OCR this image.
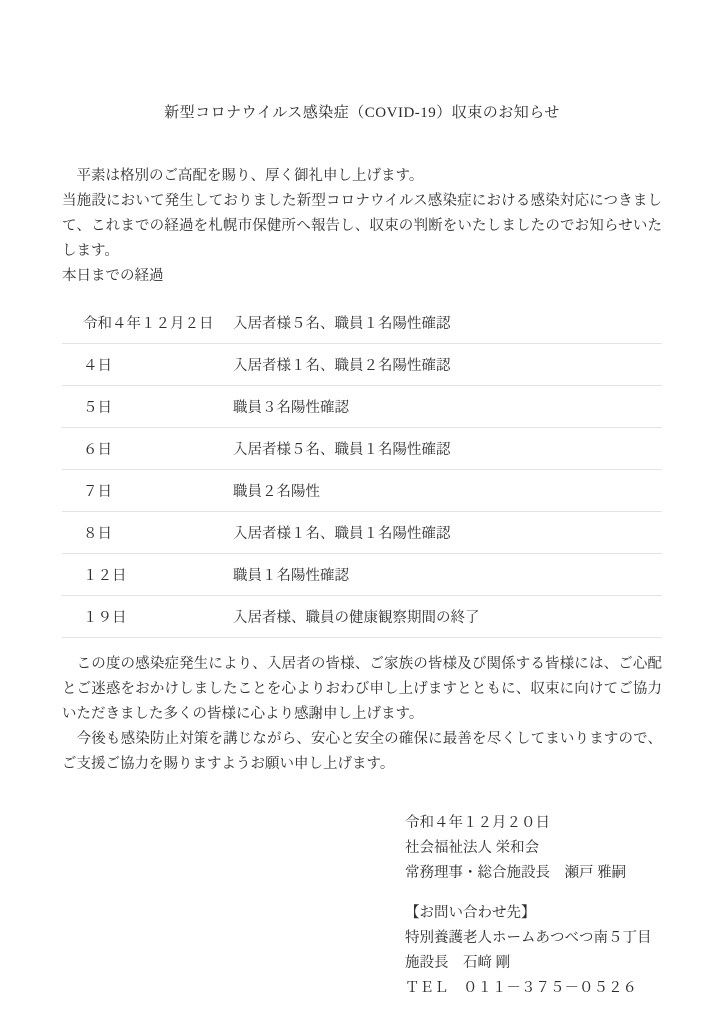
新型コロナウイルス感染症（COVID-19）収束のお知らせ

　平素は格別のご高配を賜り、厚く御礼申し上げます。

当施設において発生しておりました新型コロナウイルス感染症における感染対応につきまして、これまでの経過を札幌市保健所へ報告し、収束の判断をいたしましたのでお知らせいたします。

本日までの経過

令和４年１２月２日	入居者様５名、職員１名陽性確認
４日	入居者様１名、職員２名陽性確認
５日	職員３名陽性確認
６日	入居者様５名、職員１名陽性確認
７日	職員２名陽性
８日	入居者様１名、職員１名陽性確認
１２日	職員１名陽性確認
１９日	入居者様、職員の健康観察期間の終了

　この度の感染症発生により、入居者の皆様、ご家族の皆様及び関係する皆様には、ご心配とご迷惑をおかけしましたことを心よりおわび申し上げますとともに、収束に向けてご協力いただきました多くの皆様に心より感謝申し上げます。

　今後も感染防止対策を講じながら、安心と安全の確保に最善を尽くしてまいりますので、ご支援ご協力を賜りますようお願い申し上げます。

令和４年１２月２０日
社会福祉法人 栄和会
常務理事・総合施設長　瀬戸 雅嗣
【お問い合わせ先】
特別養護老人ホームあつべつ南５丁目
施設長　石﨑 剛
ＴＥＬ　０１１－３７５－０５２６
